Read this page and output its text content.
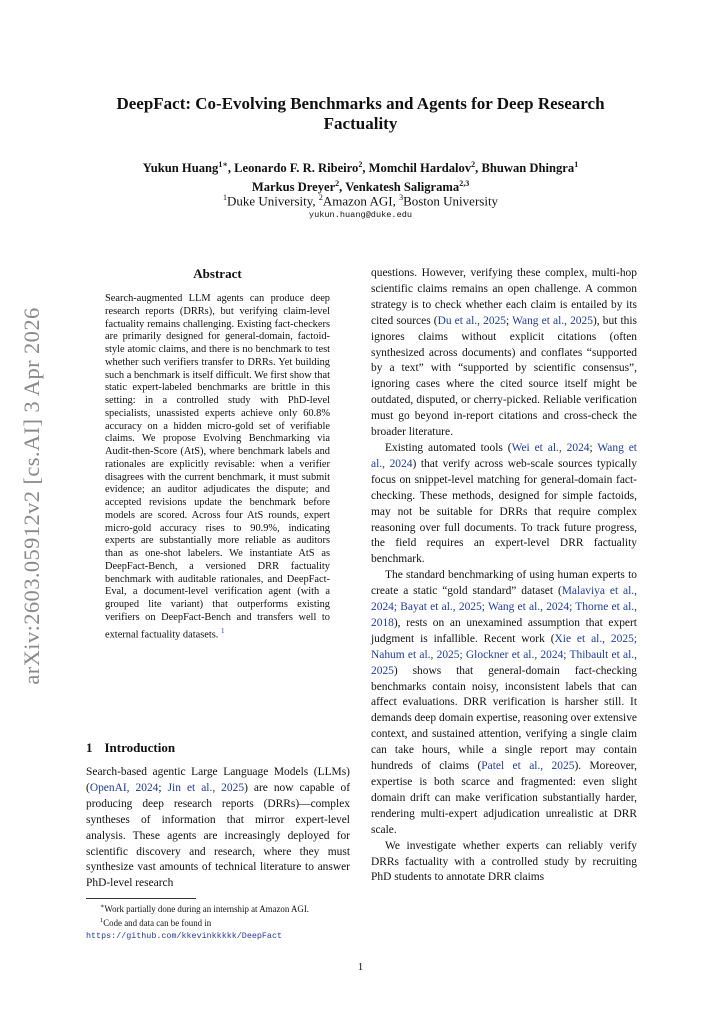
arXiv:2603.05912v2 [cs.AI] 3 Apr 2026
DeepFact: Co-Evolving Benchmarks and Agents for Deep Research Factuality
Yukun Huang$^{1∗}$, Leonardo F. R. Ribeiro$^2$, Momchil Hardalov$^2$, Bhuwan Dhingra$^1$
Markus Dreyer$^2$, Venkatesh Saligrama$^{2,3}$
$^1$Duke University, $^2$Amazon AGI, $^3$Boston University
yukun.huang@duke.edu
Abstract
Search-augmented LLM agents can produce deep research reports (DRRs), but verifying claim-level factuality remains challenging. Existing fact-checkers are primarily designed for general-domain, factoid-style atomic claims, and there is no benchmark to test whether such verifiers transfer to DRRs. Yet building such a benchmark is itself difficult. We first show that static expert-labeled benchmarks are brittle in this setting: in a controlled study with PhD-level specialists, unassisted experts achieve only 60.8% accuracy on a hidden micro-gold set of verifiable claims. We propose Evolving Benchmarking via Audit-then-Score (AtS), where benchmark labels and rationales are explicitly revisable: when a verifier disagrees with the current benchmark, it must submit evidence; an auditor adjudicates the dispute; and accepted revisions update the benchmark before models are scored. Across four AtS rounds, expert micro-gold accuracy rises to 90.9%, indicating experts are substantially more reliable as auditors than as one-shot labelers. We instantiate AtS as DeepFact-Bench, a versioned DRR factuality benchmark with auditable rationales, and DeepFact-Eval, a document-level verification agent (with a grouped lite variant) that outperforms existing verifiers on DeepFact-Bench and transfers well to external factuality datasets. $^1$
1 Introduction

Search-based agentic Large Language Models (LLMs) (OpenAI, 2024; Jin et al., 2025) are now capable of producing deep research reports (DRRs)—complex syntheses of information that mirror expert-level analysis. These agents are increasingly deployed for scientific discovery and research, where they must synthesize vast amounts of technical literature to answer PhD-level research

∗Work partially done during an internship at Amazon AGI.
$^1$Code and data can be found in https://github.com/kkevinkkkkk/DeepFact

questions. However, verifying these complex, multi-hop scientific claims remains an open challenge. A common strategy is to check whether each claim is entailed by its cited sources (Du et al., 2025; Wang et al., 2025), but this ignores claims without explicit citations (often synthesized across documents) and conflates “supported by a text” with “supported by scientific consensus”, ignoring cases where the cited source itself might be outdated, disputed, or cherry-picked. Reliable verification must go beyond in-report citations and cross-check the broader literature.

Existing automated tools (Wei et al., 2024; Wang et al., 2024) that verify across web-scale sources typically focus on snippet-level matching for general-domain fact-checking. These methods, designed for simple factoids, may not be suitable for DRRs that require complex reasoning over full documents. To track future progress, the field requires an expert-level DRR factuality benchmark.

The standard benchmarking of using human experts to create a static “gold standard” dataset (Malaviya et al., 2024; Bayat et al., 2025; Wang et al., 2024; Thorne et al., 2018), rests on an unexamined assumption that expert judgment is infallible. Recent work (Xie et al., 2025; Nahum et al., 2025; Glockner et al., 2024; Thibault et al., 2025) shows that general-domain fact-checking benchmarks contain noisy, inconsistent labels that can affect evaluations. DRR verification is harsher still. It demands deep domain expertise, reasoning over extensive context, and sustained attention, verifying a single claim can take hours, while a single report may contain hundreds of claims (Patel et al., 2025). Moreover, expertise is both scarce and fragmented: even slight domain drift can make verification substantially harder, rendering multi-expert adjudication unrealistic at DRR scale.

We investigate whether experts can reliably verify DRRs factuality with a controlled study by recruiting PhD students to annotate DRR claims

1
